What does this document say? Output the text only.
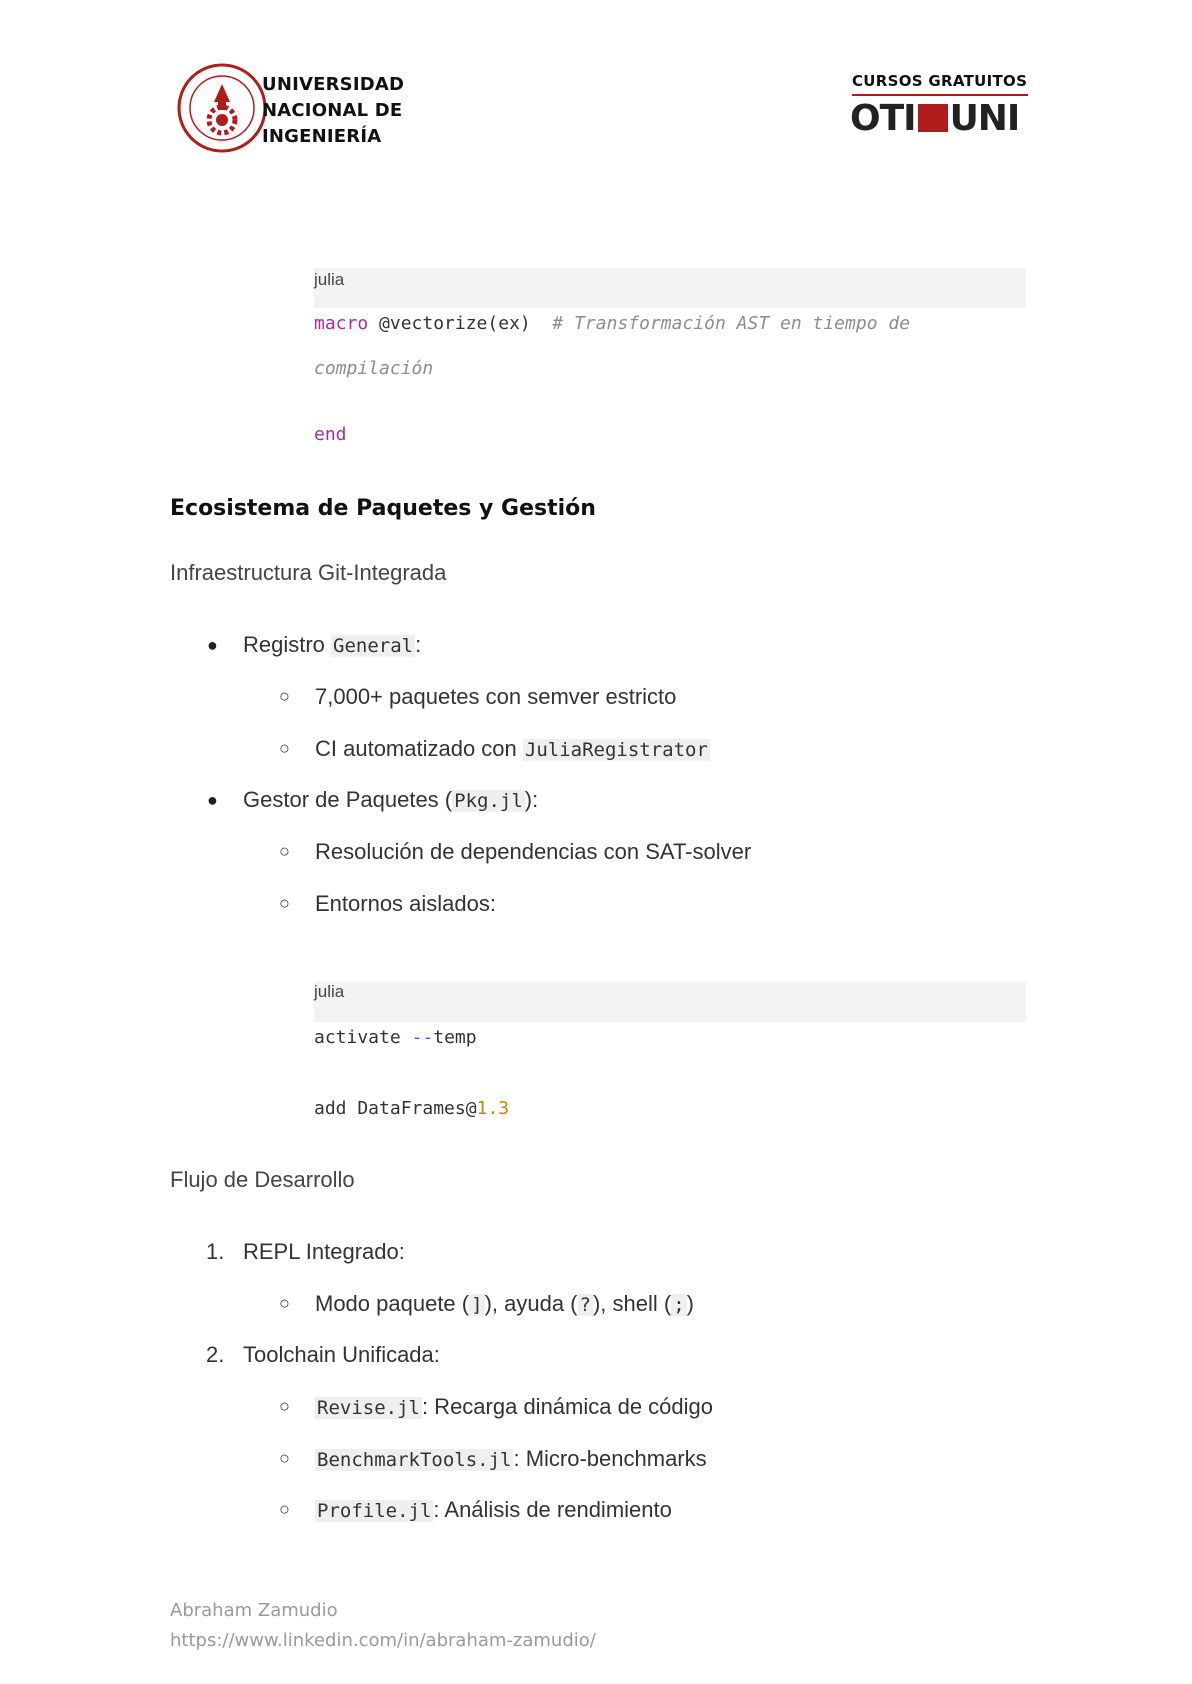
UNIVERSIDAD
NACIONAL DE
INGENIERÍA
CURSOS GRATUITOS
OTI UNI
julia
macro @vectorize(ex)  # Transformación AST en tiempo de
compilación
end
Ecosistema de Paquetes y Gestión
Infraestructura Git-Integrada
● Registro General:
○ 7,000+ paquetes con semver estricto
○ CI automatizado con JuliaRegistrator
● Gestor de Paquetes ( Pkg.jl):
○ Resolución de dependencias con SAT-solver
○ Entornos aislados:
julia
activate --temp
add DataFrames@1.3
Flujo de Desarrollo
1. REPL Integrado:
○ Modo paquete ( ]), ayuda ( ?), shell ( ;)
2. Toolchain Unificada:
○ Revise.jl: Recarga dinámica de código
○ BenchmarkTools.jl: Micro-benchmarks
○ Profile.jl: Análisis de rendimiento
Abraham Zamudio
https://www.linkedin.com/in/abraham-zamudio/
